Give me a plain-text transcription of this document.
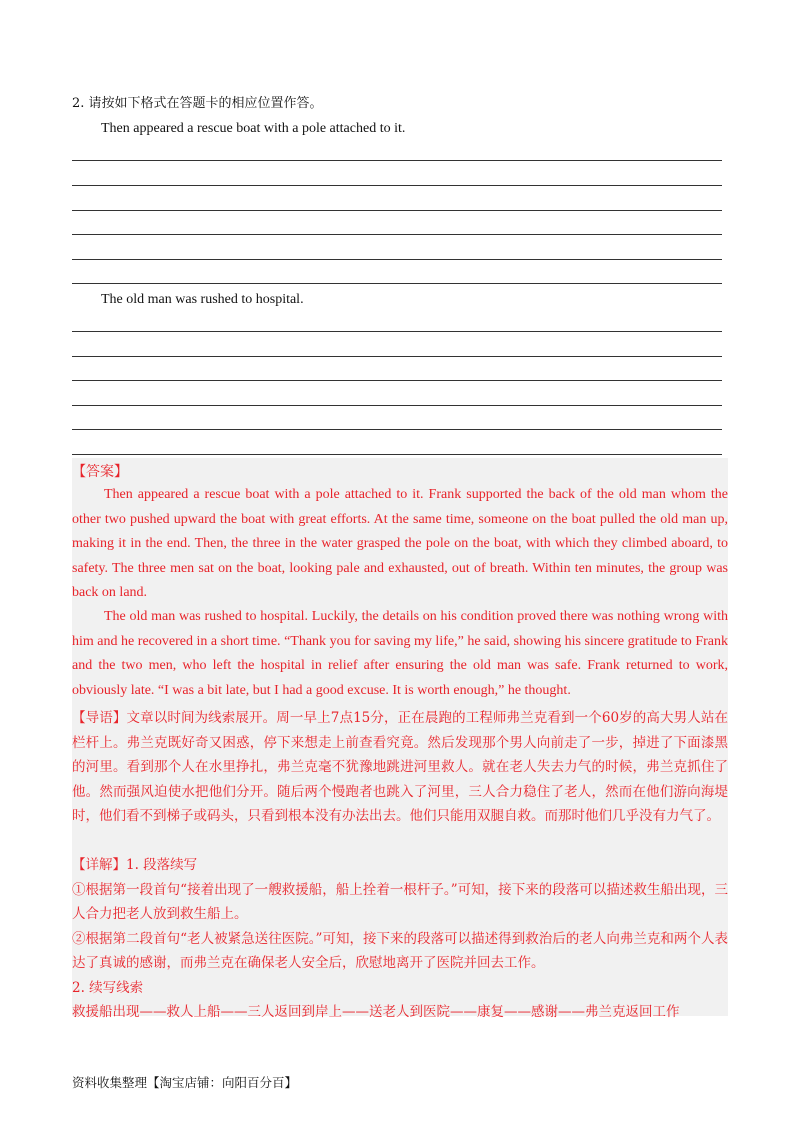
2. 请按如下格式在答题卡的相应位置作答。
Then appeared a rescue boat with a pole attached to it.
The old man was rushed to hospital.
【答案】
Then appeared a rescue boat with a pole attached to it. Frank supported the back of the old man whom the other two pushed upward the boat with great efforts. At the same time, someone on the boat pulled the old man up, making it in the end. Then, the three in the water grasped the pole on the boat, with which they climbed aboard, to safety. The three men sat on the boat, looking pale and exhausted, out of breath. Within ten minutes, the group was back on land.
The old man was rushed to hospital. Luckily, the details on his condition proved there was nothing wrong with him and he recovered in a short time. “Thank you for saving my life,” he said, showing his sincere gratitude to Frank and the two men, who left the hospital in relief after ensuring the old man was safe. Frank returned to work, obviously late. “I was a bit late, but I had a good excuse. It is worth enough,” he thought.
【导语】文章以时间为线索展开。周一早上7点15分，正在晨跑的工程师弗兰克看到一个60岁的高大男人站在栏杆上。弗兰克既好奇又困惑，停下来想走上前查看究竟。然后发现那个男人向前走了一步，掉进了下面漆黑的河里。看到那个人在水里挣扎，弗兰克毫不犹豫地跳进河里救人。就在老人失去力气的时候，弗兰克抓住了他。然而强风迫使水把他们分开。随后两个慢跑者也跳入了河里，三人合力稳住了老人，然而在他们游向海堤时，他们看不到梯子或码头，只看到根本没有办法出去。他们只能用双腿自救。而那时他们几乎没有力气了。
【详解】1. 段落续写
①根据第一段首句“接着出现了一艘救援船，船上拴着一根杆子。”可知，接下来的段落可以描述救生船出现，三人合力把老人放到救生船上。
②根据第二段首句“老人被紧急送往医院。”可知，接下来的段落可以描述得到救治后的老人向弗兰克和两个人表达了真诚的感谢，而弗兰克在确保老人安全后，欣慰地离开了医院并回去工作。
2. 续写线索
救援船出现——救人上船——三人返回到岸上——送老人到医院——康复——感谢——弗兰克返回工作
资料收集整理【淘宝店铺：向阳百分百】
